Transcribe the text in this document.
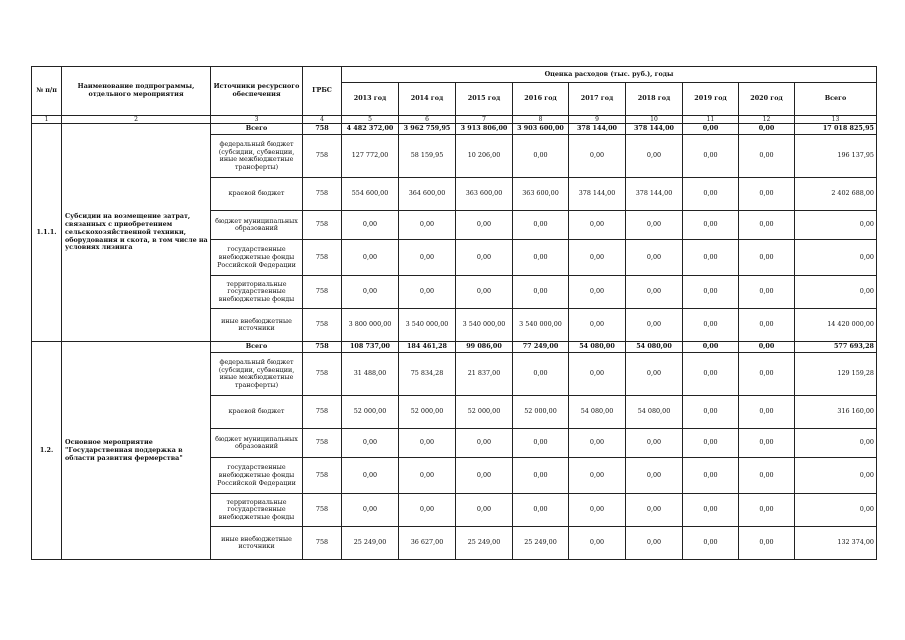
№ п/п	Наименование подпрограммы, отдельного мероприятия	Источники ресурсного обеспечения	ГРБС	Оценка расходов (тыс. руб.), годы								
				2013 год	2014 год	2015 год	2016 год	2017 год	2018 год	2019 год	2020 год	Всего
1	2	3	4	5	6	7	8	9	10	11	12	13
1.1.1.	Субсидии на возмещение затрат, связанных с приобретением сельскохозяйственной техники, оборудования и скота, в том числе на условиях лизинга	Всего	758	4 482 372,00	3 962 759,95	3 913 806,00	3 903 600,00	378 144,00	378 144,00	0,00	0,00	17 018 825,95
		федеральный бюджет (субсидии, субвенции, иные межбюджетные трансферты)	758	127 772,00	58 159,95	10 206,00	0,00	0,00	0,00	0,00	0,00	196 137,95
		краевой бюджет	758	554 600,00	364 600,00	363 600,00	363 600,00	378 144,00	378 144,00	0,00	0,00	2 402 688,00
		бюджет муниципальных образований	758	0,00	0,00	0,00	0,00	0,00	0,00	0,00	0,00	0,00
		государственные внебюджетные фонды Российской Федерации	758	0,00	0,00	0,00	0,00	0,00	0,00	0,00	0,00	0,00
		территориальные государственные внебюджетные фонды	758	0,00	0,00	0,00	0,00	0,00	0,00	0,00	0,00	0,00
		иные внебюджетные источники	758	3 800 000,00	3 540 000,00	3 540 000,00	3 540 000,00	0,00	0,00	0,00	0,00	14 420 000,00
1.2.	Основное мероприятие "Государственная поддержка в области развития фермерства"	Всего	758	108 737,00	184 461,28	99 086,00	77 249,00	54 080,00	54 080,00	0,00	0,00	577 693,28
		федеральный бюджет (субсидии, субвенции, иные межбюджетные трансферты)	758	31 488,00	75 834,28	21 837,00	0,00	0,00	0,00	0,00	0,00	129 159,28
		краевой бюджет	758	52 000,00	52 000,00	52 000,00	52 000,00	54 080,00	54 080,00	0,00	0,00	316 160,00
		бюджет муниципальных образований	758	0,00	0,00	0,00	0,00	0,00	0,00	0,00	0,00	0,00
		государственные внебюджетные фонды Российской Федерации	758	0,00	0,00	0,00	0,00	0,00	0,00	0,00	0,00	0,00
		территориальные государственные внебюджетные фонды	758	0,00	0,00	0,00	0,00	0,00	0,00	0,00	0,00	0,00
		иные внебюджетные источники	758	25 249,00	36 627,00	25 249,00	25 249,00	0,00	0,00	0,00	0,00	132 374,00
